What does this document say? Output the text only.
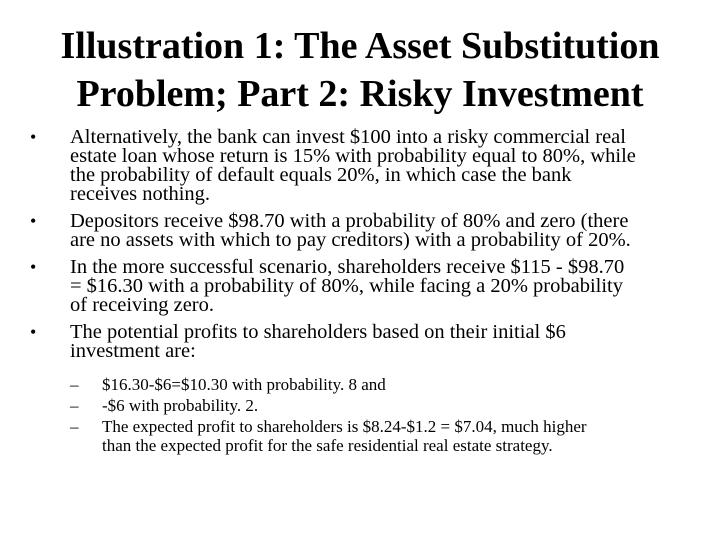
Illustration 1: The Asset Substitution
Problem; Part 2: Risky Investment
•	Alternatively, the bank can invest $100 into a risky commercial real
estate loan whose return is 15% with probability equal to 80%, while
the probability of default equals 20%, in which case the bank
receives nothing.
•	Depositors receive $98.70 with a probability of 80% and zero (there
are no assets with which to pay creditors) with a probability of 20%.
•	In the more successful scenario, shareholders receive $115 - $98.70
= $16.30 with a probability of 80%, while facing a 20% probability
of receiving zero.
•	The potential profits to shareholders based on their initial $6
investment are:
–	$16.30-$6=$10.30 with probability. 8 and
–	-$6 with probability. 2.
–	The expected profit to shareholders is $8.24-$1.2 = $7.04, much higher
than the expected profit for the safe residential real estate strategy.
